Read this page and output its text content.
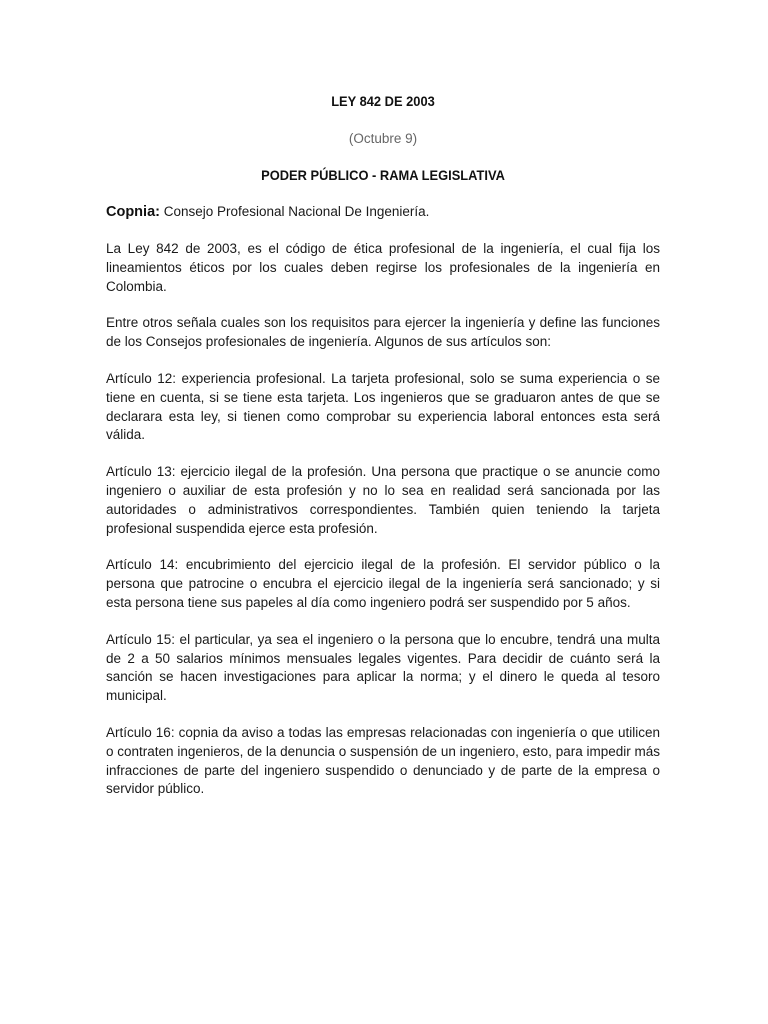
LEY 842 DE 2003

(Octubre 9)

PODER PÚBLICO - RAMA LEGISLATIVA

Copnia: Consejo Profesional Nacional De Ingeniería.

La Ley 842 de 2003, es el código de ética profesional de la ingeniería, el cual fija los lineamientos éticos por los cuales deben regirse los profesionales de la ingeniería en Colombia.

Entre otros señala cuales son los requisitos para ejercer la ingeniería y define las funciones de los Consejos profesionales de ingeniería. Algunos de sus artículos son:

Artículo 12: experiencia profesional. La tarjeta profesional, solo se suma experiencia o se tiene en cuenta, si se tiene esta tarjeta. Los ingenieros que se graduaron antes de que se declarara esta ley, si tienen como comprobar su experiencia laboral entonces esta será válida.

Artículo 13: ejercicio ilegal de la profesión. Una persona que practique o se anuncie como ingeniero o auxiliar de esta profesión y no lo sea en realidad será sancionada por las autoridades o administrativos correspondientes. También quien teniendo la tarjeta profesional suspendida ejerce esta profesión.

Artículo 14: encubrimiento del ejercicio ilegal de la profesión. El servidor público o la persona que patrocine o encubra el ejercicio ilegal de la ingeniería será sancionado; y si esta persona tiene sus papeles al día como ingeniero podrá ser suspendido por 5 años.

Artículo 15: el particular, ya sea el ingeniero o la persona que lo encubre, tendrá una multa de 2 a 50 salarios mínimos mensuales legales vigentes. Para decidir de cuánto será la sanción se hacen investigaciones para aplicar la norma; y el dinero le queda al tesoro municipal.

Artículo 16: copnia da aviso a todas las empresas relacionadas con ingeniería o que utilicen o contraten ingenieros, de la denuncia o suspensión de un ingeniero, esto, para impedir más infracciones de parte del ingeniero suspendido o denunciado y de parte de la empresa o servidor público.
